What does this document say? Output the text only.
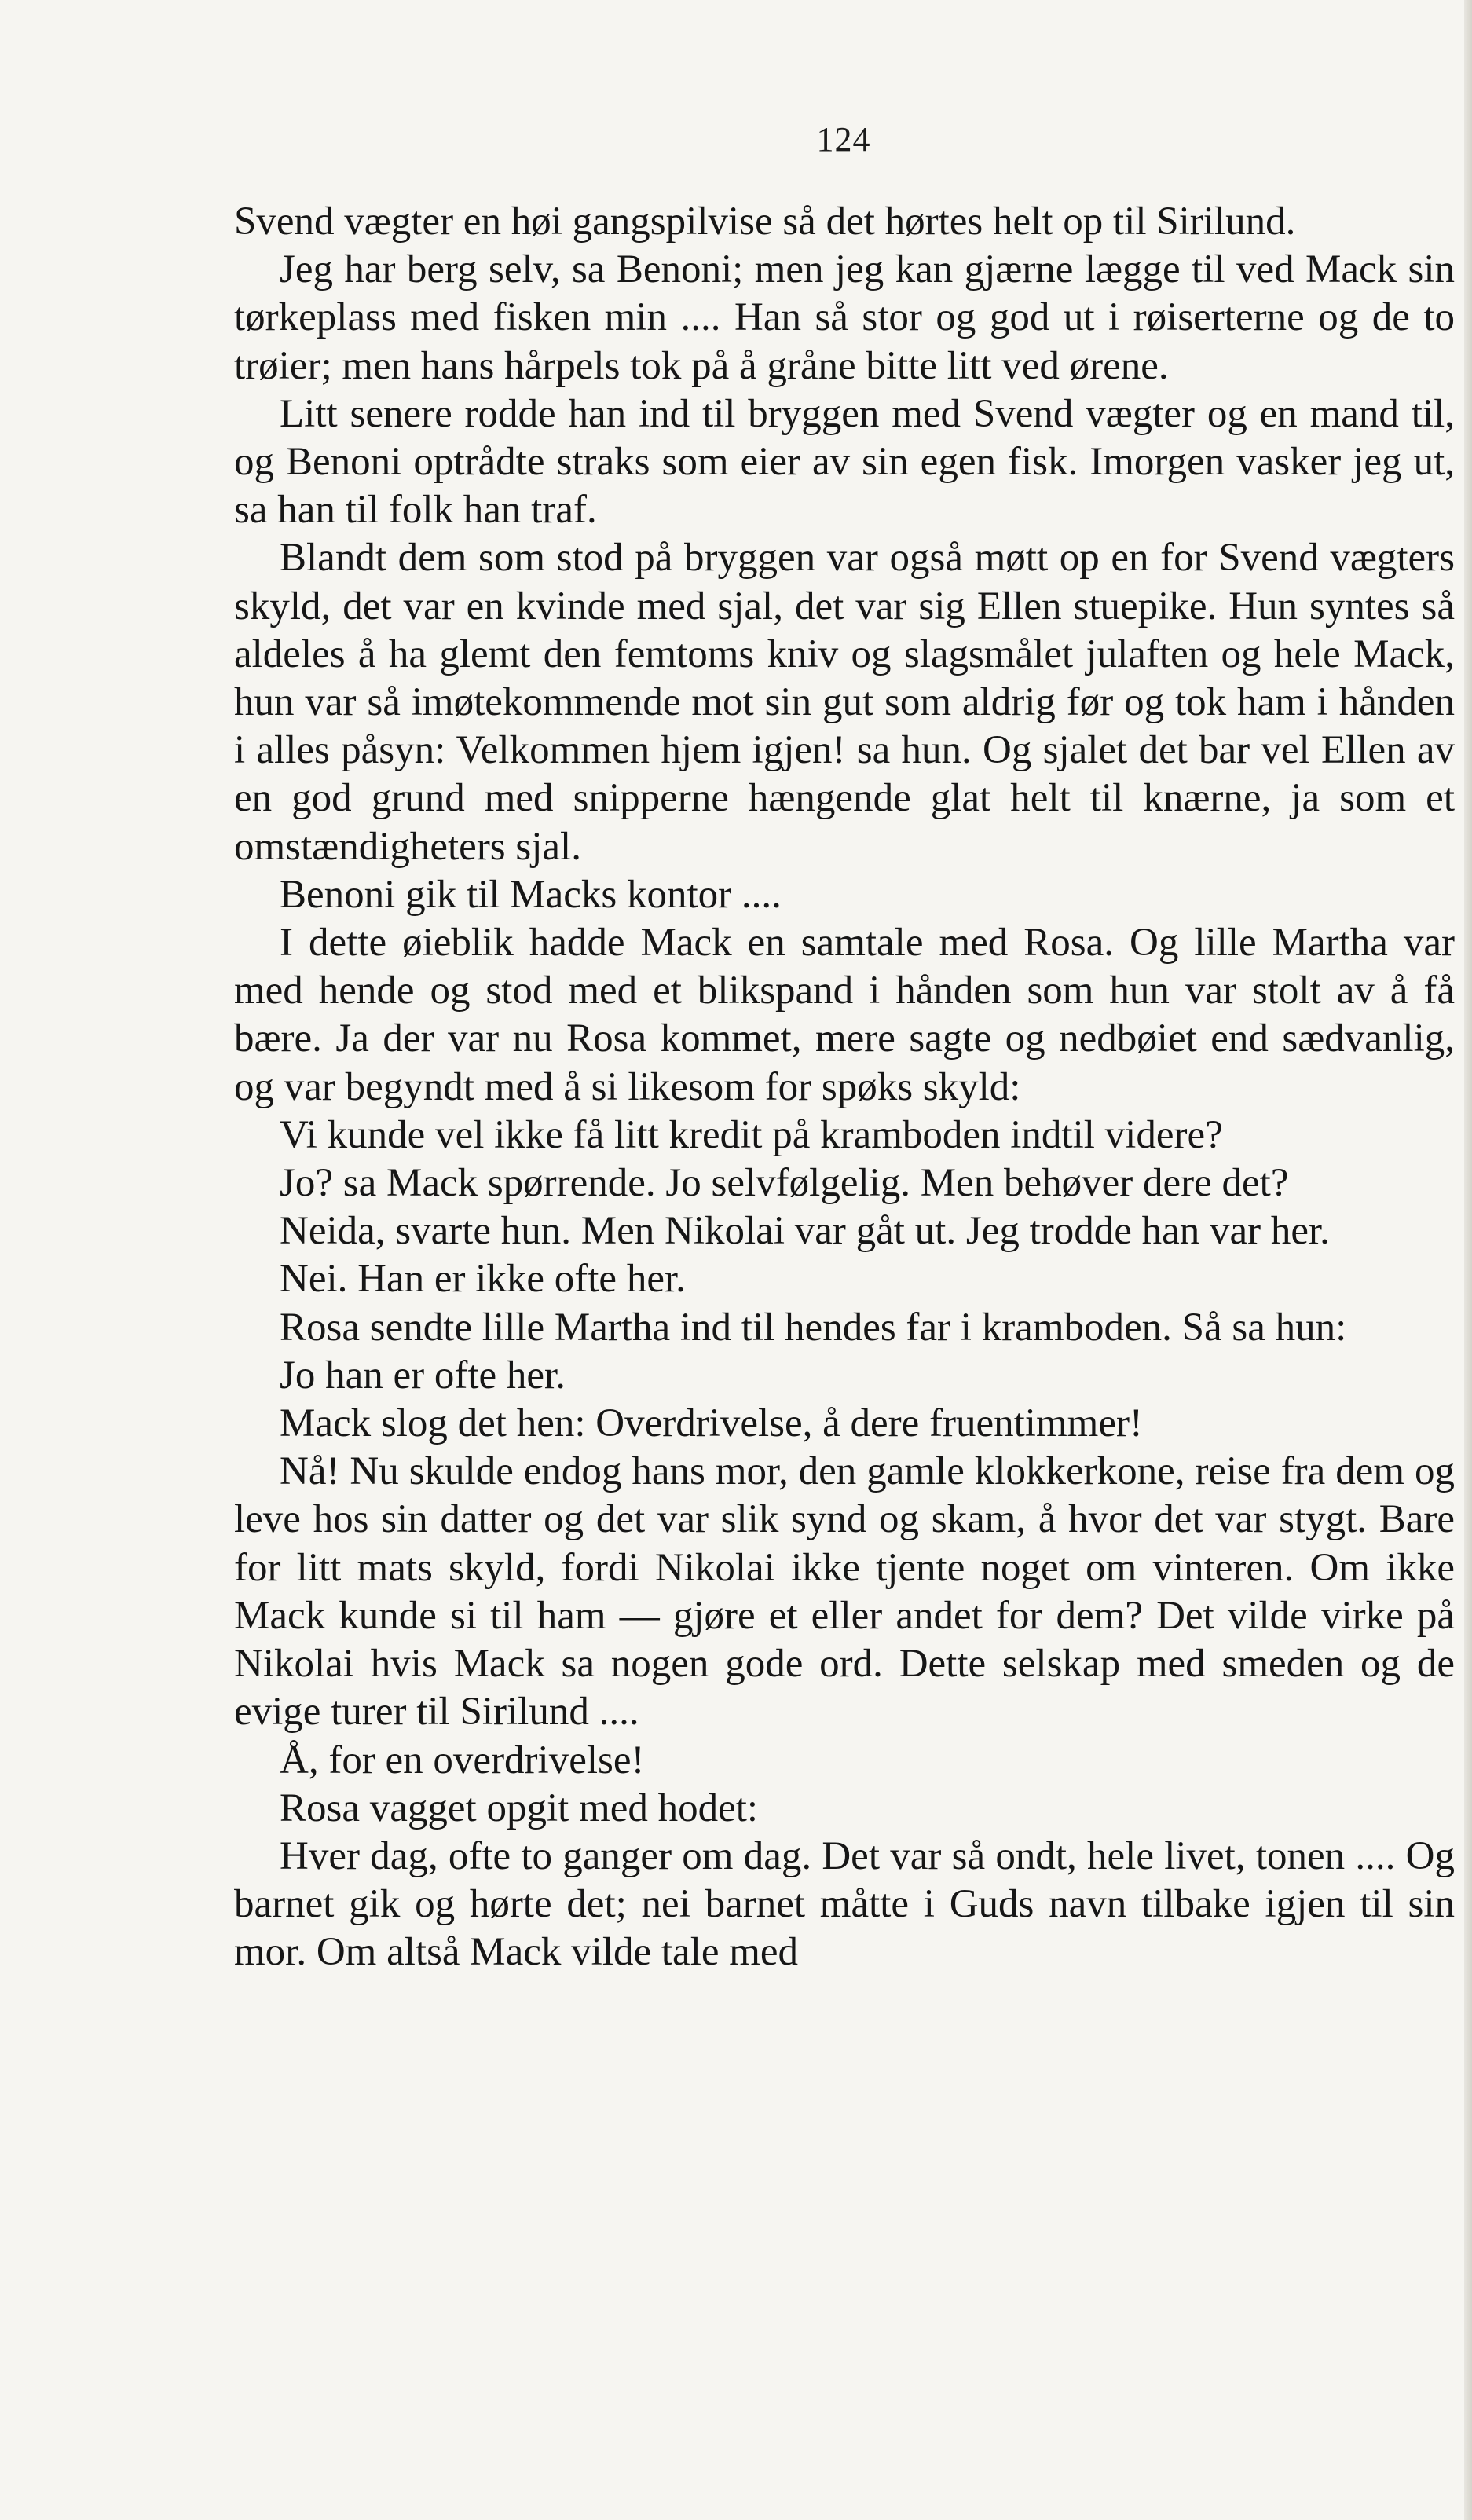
124

Svend vægter en høi gangspilvise så det hørtes helt op til Sirilund.

Jeg har berg selv, sa Benoni; men jeg kan gjærne lægge til ved Mack sin tørkeplass med fisken min .... Han så stor og god ut i røiserterne og de to trøier; men hans hårpels tok på å gråne bitte litt ved ørene.

Litt senere rodde han ind til bryggen med Svend vægter og en mand til, og Benoni optrådte straks som eier av sin egen fisk. Imorgen vasker jeg ut, sa han til folk han traf.

Blandt dem som stod på bryggen var også møtt op en for Svend vægters skyld, det var en kvinde med sjal, det var sig Ellen stuepike. Hun syntes så aldeles å ha glemt den femtoms kniv og slagsmålet julaften og hele Mack, hun var så imøtekommende mot sin gut som aldrig før og tok ham i hånden i alles påsyn: Velkommen hjem igjen! sa hun. Og sjalet det bar vel Ellen av en god grund med snipperne hængende glat helt til knærne, ja som et omstændigheters sjal.

Benoni gik til Macks kontor ....

I dette øieblik hadde Mack en samtale med Rosa. Og lille Martha var med hende og stod med et blikspand i hånden som hun var stolt av å få bære. Ja der var nu Rosa kommet, mere sagte og nedbøiet end sædvanlig, og var begyndt med å si likesom for spøks skyld:

Vi kunde vel ikke få litt kredit på kramboden indtil videre?

Jo? sa Mack spørrende. Jo selvfølgelig. Men behøver dere det?

Neida, svarte hun. Men Nikolai var gåt ut. Jeg trodde han var her.

Nei. Han er ikke ofte her.

Rosa sendte lille Martha ind til hendes far i kramboden. Så sa hun:

Jo han er ofte her.

Mack slog det hen: Overdrivelse, å dere fruentimmer!

Nå! Nu skulde endog hans mor, den gamle klokkerkone, reise fra dem og leve hos sin datter og det var slik synd og skam, å hvor det var stygt. Bare for litt mats skyld, fordi Nikolai ikke tjente noget om vinteren. Om ikke Mack kunde si til ham — gjøre et eller andet for dem? Det vilde virke på Nikolai hvis Mack sa nogen gode ord. Dette selskap med smeden og de evige turer til Sirilund ....

Å, for en overdrivelse!

Rosa vagget opgit med hodet:

Hver dag, ofte to ganger om dag. Det var så ondt, hele livet, tonen .... Og barnet gik og hørte det; nei barnet måtte i Guds navn tilbake igjen til sin mor. Om altså Mack vilde tale med
